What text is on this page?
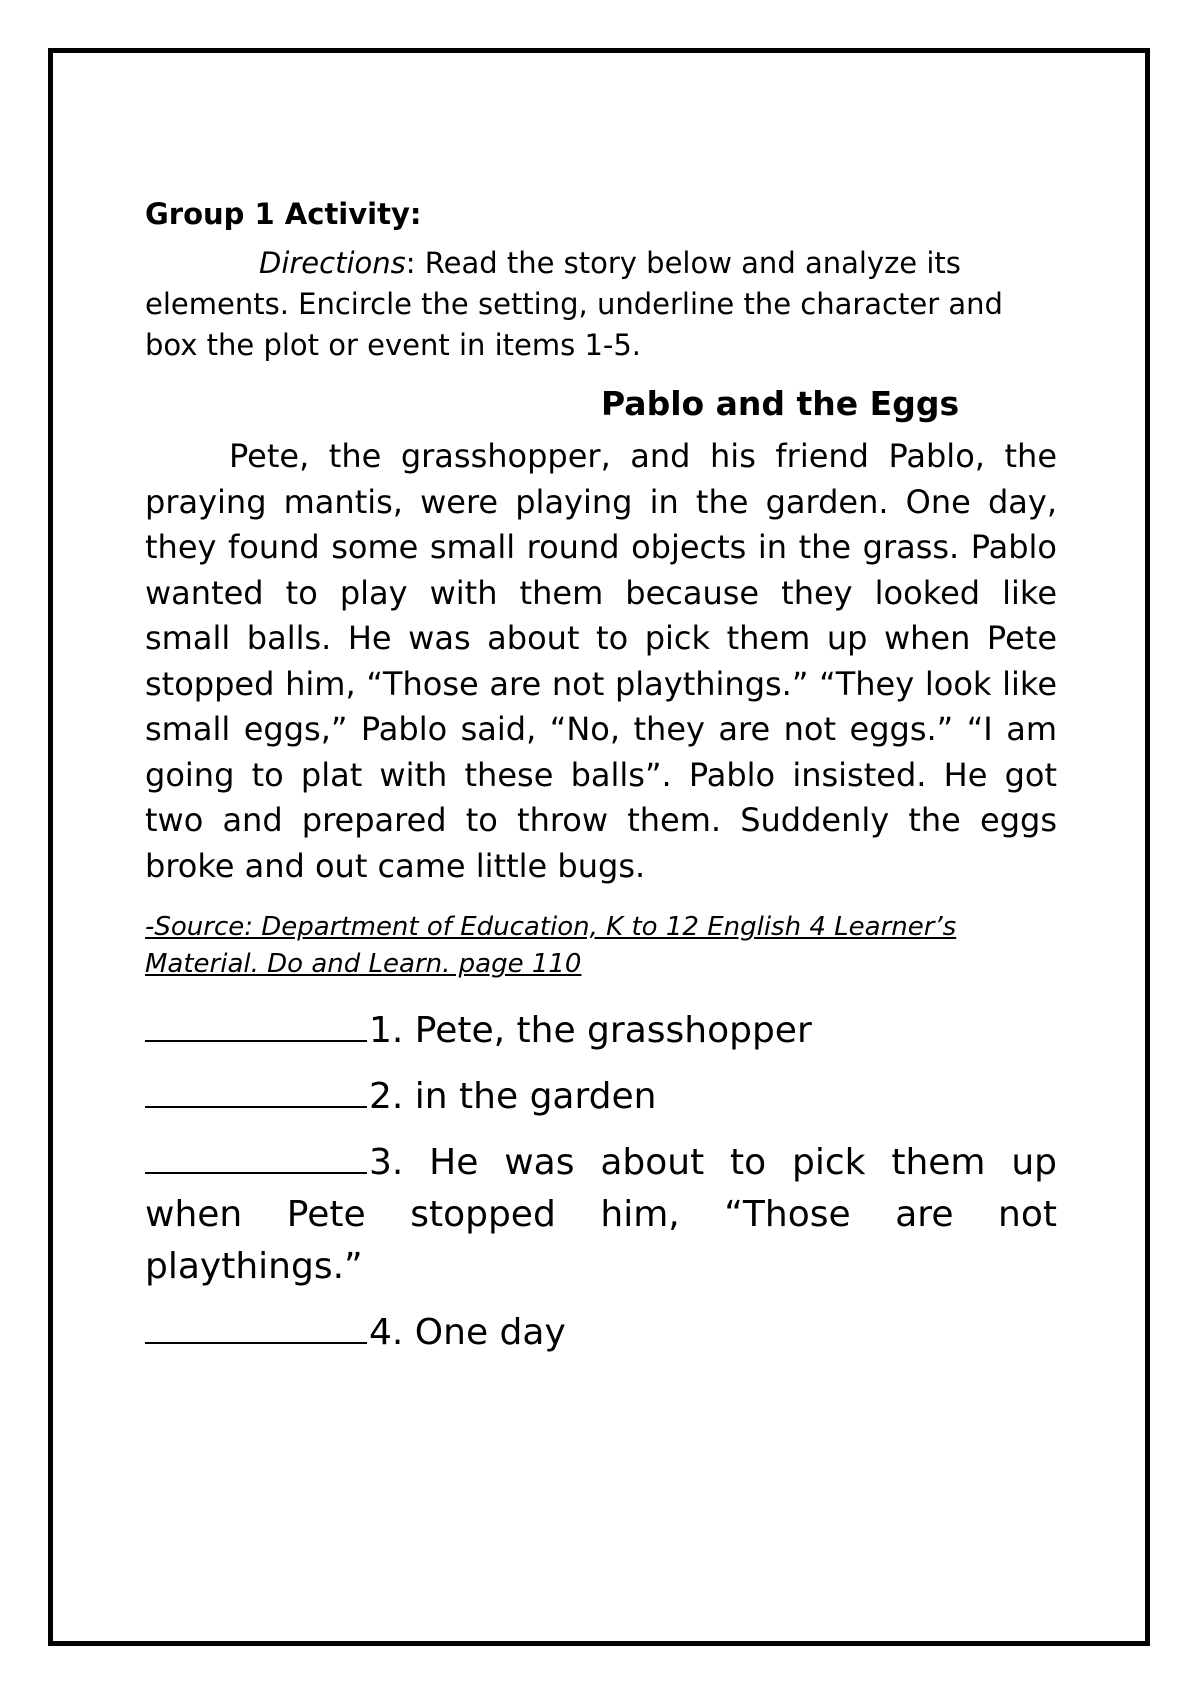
Group 1 Activity:

Directions: Read the story below and analyze its elements. Encircle the setting, underline the character and box the plot or event in items 1-5.

Pablo and the Eggs

Pete, the grasshopper, and his friend Pablo, the praying mantis, were playing in the garden. One day, they found some small round objects in the grass. Pablo wanted to play with them because they looked like small balls. He was about to pick them up when Pete stopped him, “Those are not playthings.” “They look like small eggs,” Pablo said, “No, they are not eggs.” “I am going to plat with these balls”. Pablo insisted. He got two and prepared to throw them. Suddenly the eggs broke and out came little bugs.

-Source: Department of Education, K to 12 English 4 Learner’s Material. Do and Learn. page 110

1. Pete, the grasshopper

2. in the garden

3. He was about to pick them up when Pete stopped him, “Those are not playthings.”

4. One day
